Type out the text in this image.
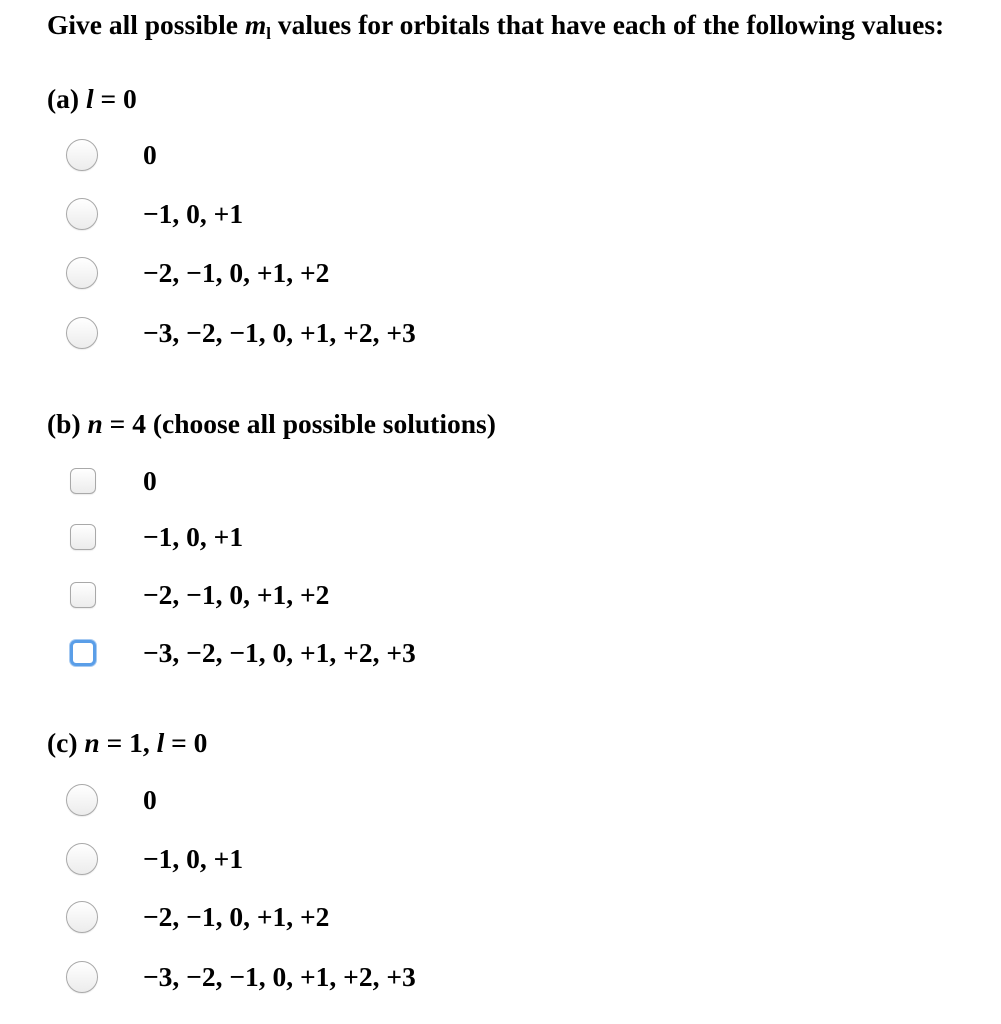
Give all possible $m_l$ values for orbitals that have each of the following values:
(a) l = 0
0
−1, 0, +1
−2, −1, 0, +1, +2
−3, −2, −1, 0, +1, +2, +3
(b) n = 4 (choose all possible solutions)
0
−1, 0, +1
−2, −1, 0, +1, +2
−3, −2, −1, 0, +1, +2, +3
(c) n = 1, l = 0
0
−1, 0, +1
−2, −1, 0, +1, +2
−3, −2, −1, 0, +1, +2, +3
